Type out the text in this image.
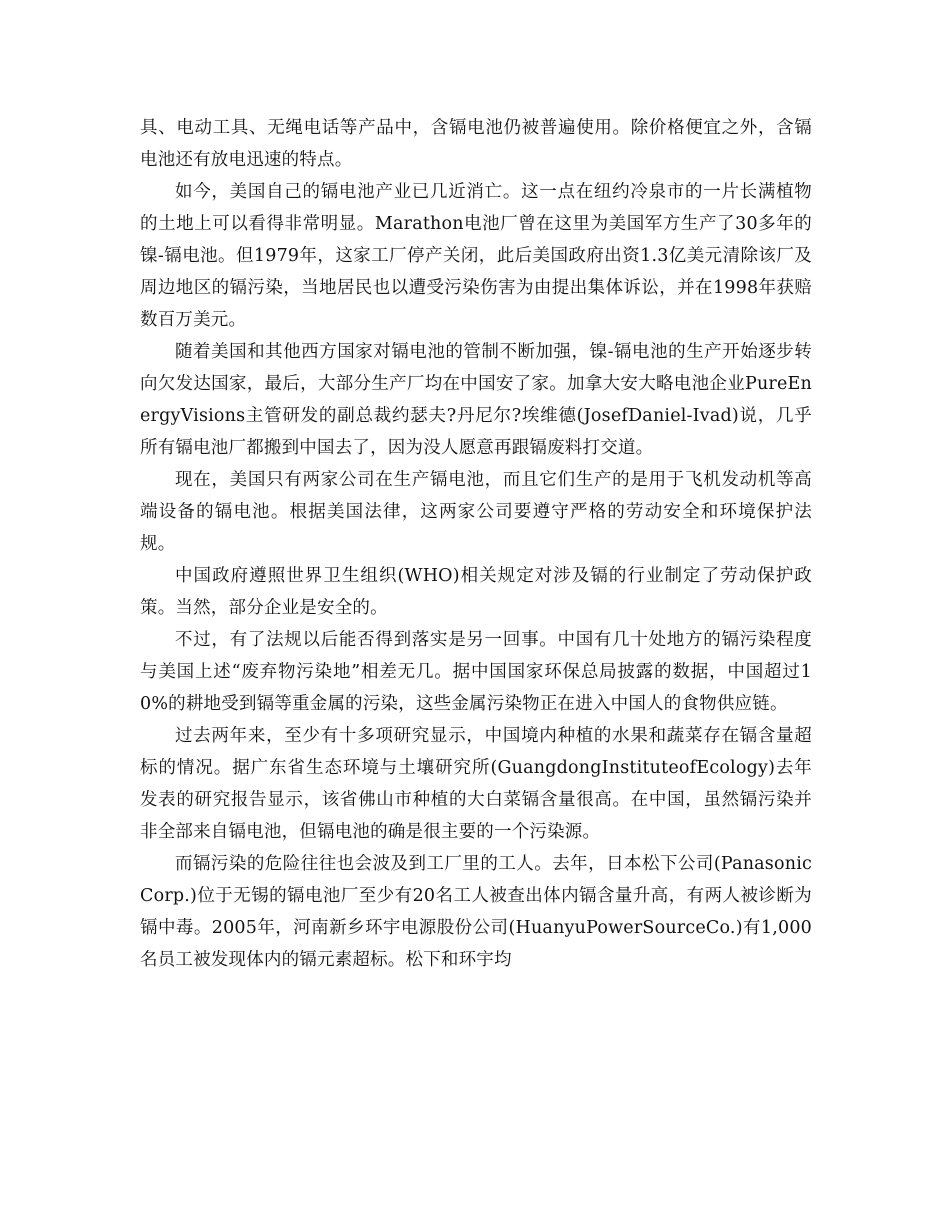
具、电动工具、无绳电话等产品中，含镉电池仍被普遍使用。除价格便宜之外，含镉电池还有放电迅速的特点。

如今，美国自己的镉电池产业已几近消亡。这一点在纽约冷泉市的一片长满植物的土地上可以看得非常明显。Marathon电池厂曾在这里为美国军方生产了30多年的镍-镉电池。但1979年，这家工厂停产关闭，此后美国政府出资1.3亿美元清除该厂及周边地区的镉污染，当地居民也以遭受污染伤害为由提出集体诉讼，并在1998年获赔数百万美元。

随着美国和其他西方国家对镉电池的管制不断加强，镍-镉电池的生产开始逐步转向欠发达国家，最后，大部分生产厂均在中国安了家。加拿大安大略电池企业PureEnergyVisions主管研发的副总裁约瑟夫?丹尼尔?埃维德(JosefDaniel-Ivad)说，几乎所有镉电池厂都搬到中国去了，因为没人愿意再跟镉废料打交道。

现在，美国只有两家公司在生产镉电池，而且它们生产的是用于飞机发动机等高端设备的镉电池。根据美国法律，这两家公司要遵守严格的劳动安全和环境保护法规。

中国政府遵照世界卫生组织(WHO)相关规定对涉及镉的行业制定了劳动保护政策。当然，部分企业是安全的。

不过，有了法规以后能否得到落实是另一回事。中国有几十处地方的镉污染程度与美国上述“废弃物污染地”相差无几。据中国国家环保总局披露的数据，中国超过10%的耕地受到镉等重金属的污染，这些金属污染物正在进入中国人的食物供应链。

过去两年来，至少有十多项研究显示，中国境内种植的水果和蔬菜存在镉含量超标的情况。据广东省生态环境与土壤研究所(GuangdongInstituteofEcology)去年发表的研究报告显示，该省佛山市种植的大白菜镉含量很高。在中国，虽然镉污染并非全部来自镉电池，但镉电池的确是很主要的一个污染源。

而镉污染的危险往往也会波及到工厂里的工人。去年，日本松下公司(PanasonicCorp.)位于无锡的镉电池厂至少有20名工人被查出体内镉含量升高，有两人被诊断为镉中毒。2005年，河南新乡环宇电源股份公司(HuanyuPowerSourceCo.)有1,000名员工被发现体内的镉元素超标。松下和环宇均
